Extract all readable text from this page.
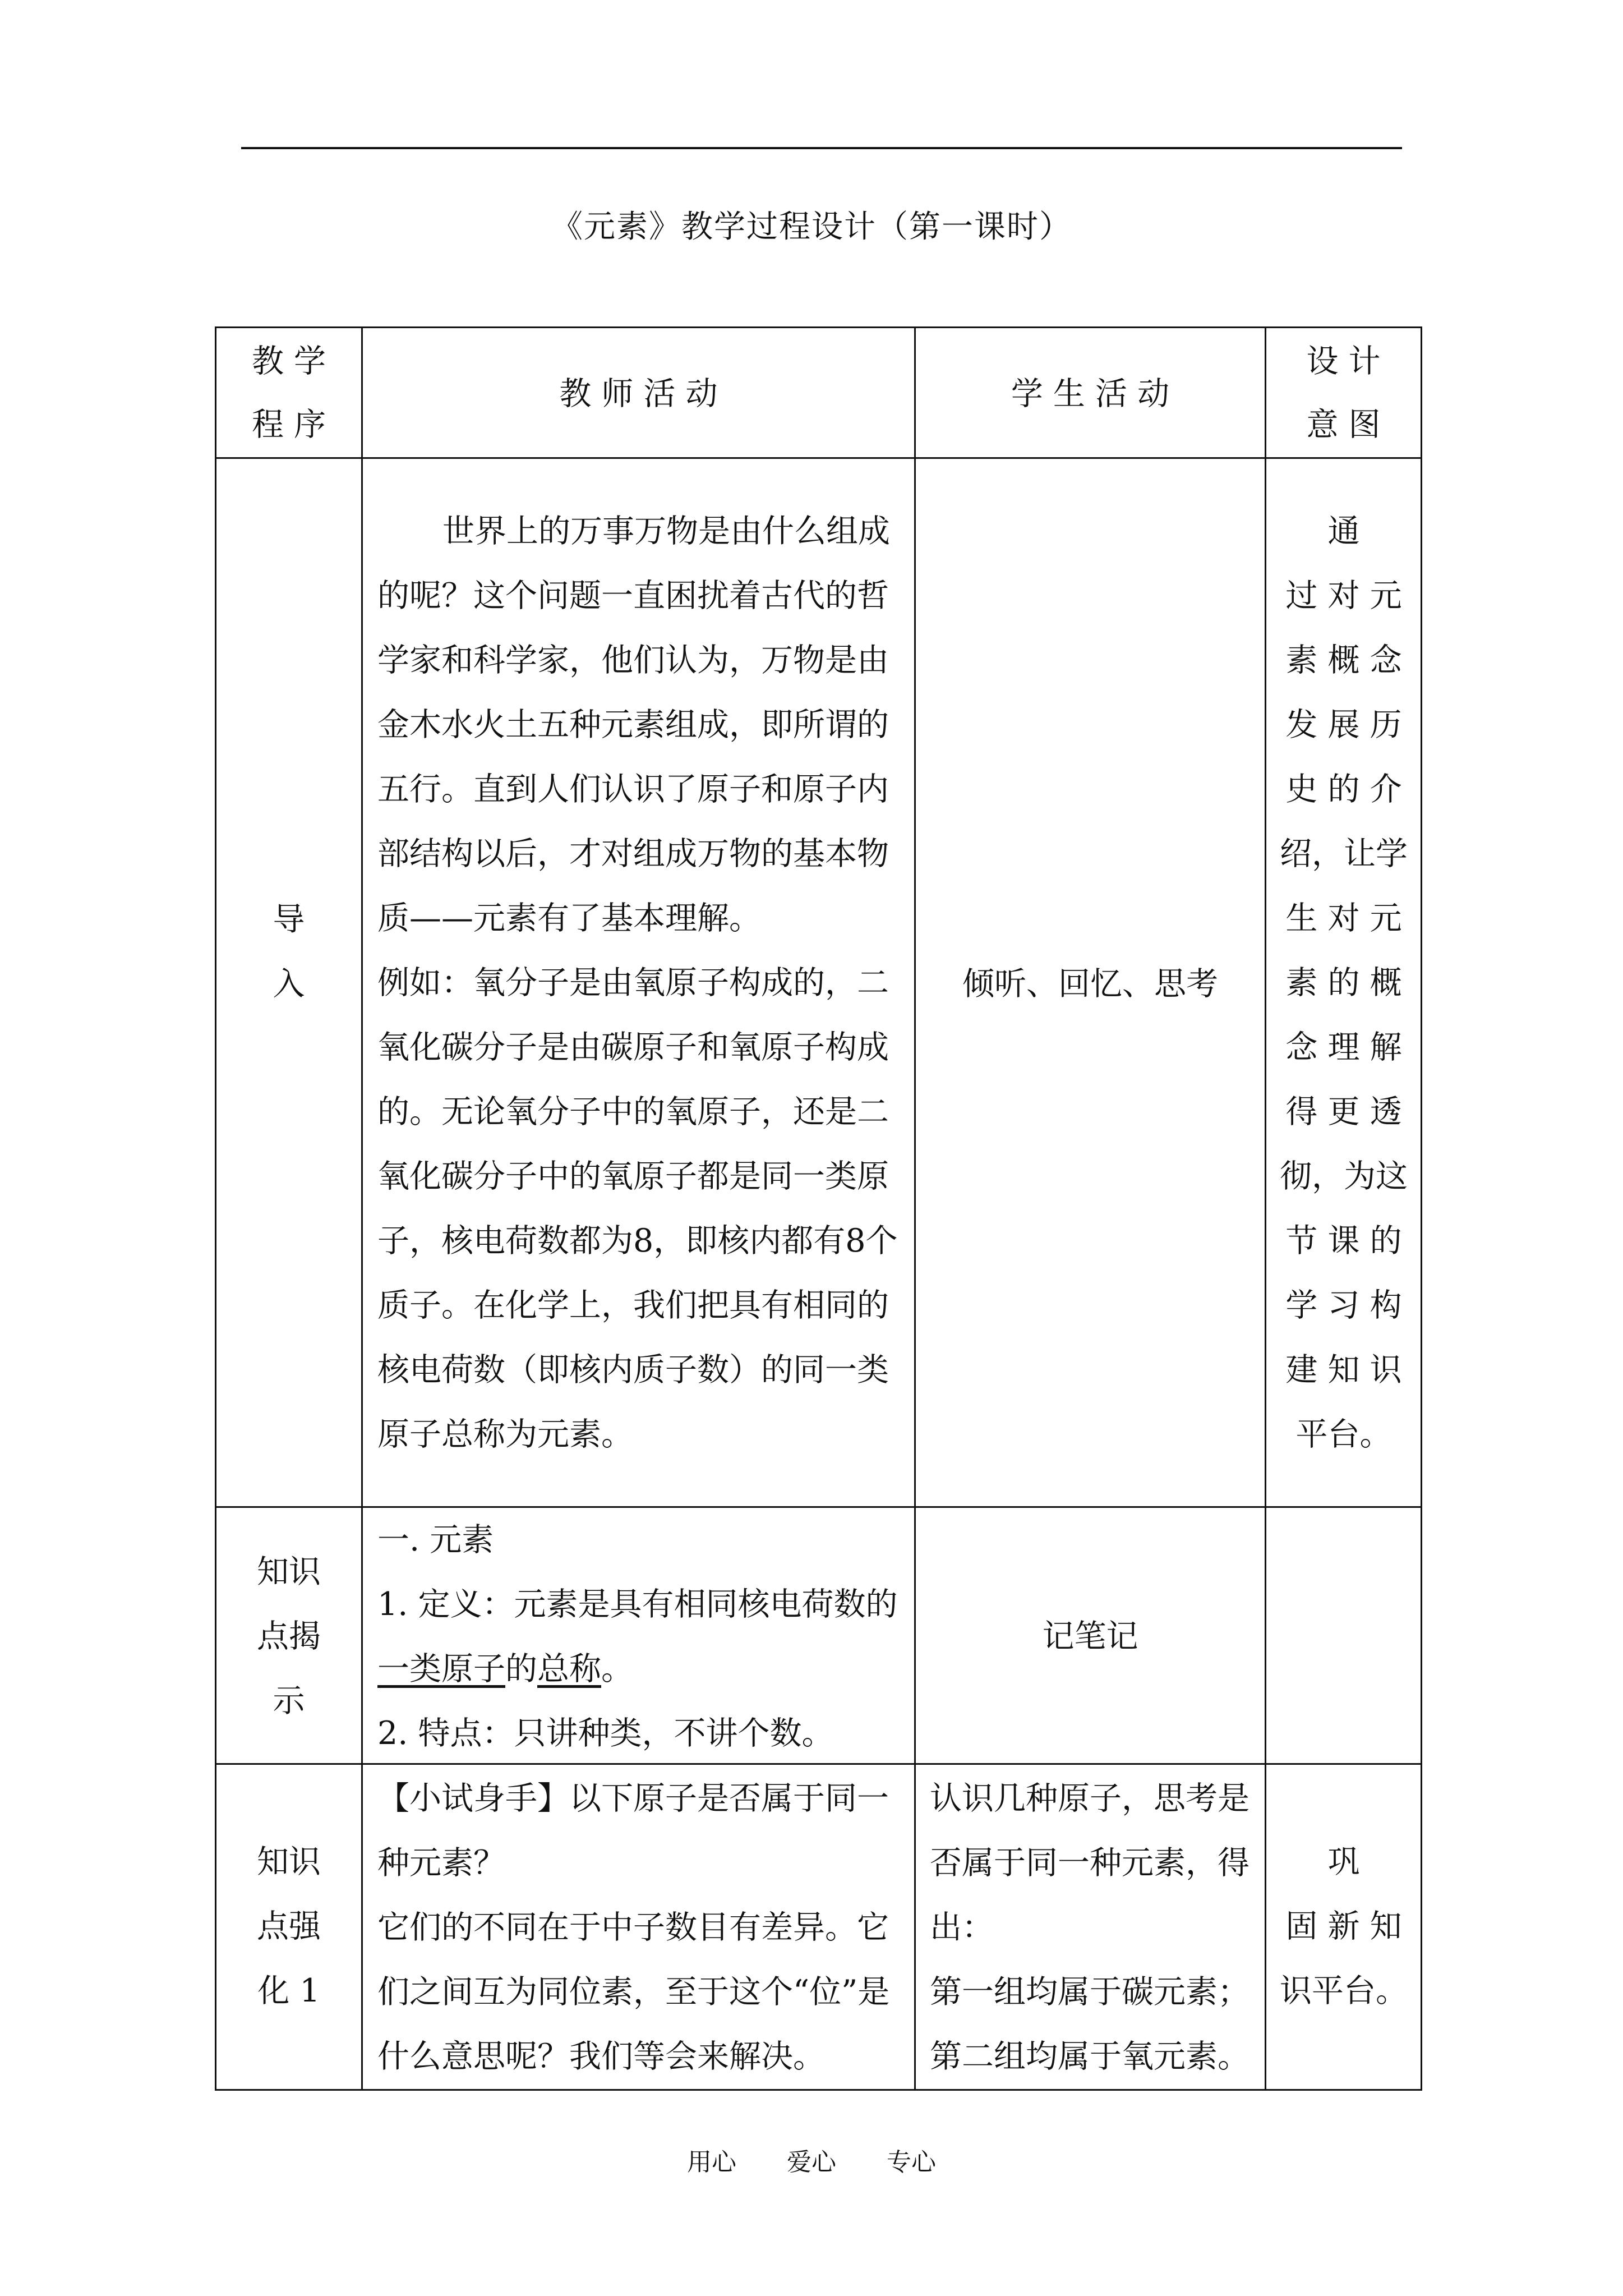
《元素》教学过程设计（第一课时）
教 学
程 序
教 师 活 动	学 生 活 动
设 计
意 图
导
入

世界上的万事万物是由什么组成的呢？这个问题一直困扰着古代的哲学家和科学家，他们认为，万物是由金木水火土五种元素组成，即所谓的五行。直到人们认识了原子和原子内部结构以后，才对组成万物的基本物质——元素有了基本理解。

例如：氧分子是由氧原子构成的，二氧化碳分子是由碳原子和氧原子构成的。无论氧分子中的氧原子，还是二氧化碳分子中的氧原子都是同一类原子，核电荷数都为8，即核内都有8个质子。在化学上，我们把具有相同的核电荷数（即核内质子数）的同一类原子总称为元素。

倾听、回忆、思考
通
过 对 元
素 概 念
发 展 历
史 的 介
绍，让学
生 对 元
素 的 概
念 理 解
得 更 透
彻，为这
节 课 的
学 习 构
建 知 识
平台。
知识
点揭
示

一. 元素

1. 定义：元素是具有相同核电荷数的一类原子的总称。

2. 特点：只讲种类，不讲个数。

记笔记
知识
点强
化 1

【小试身手】以下原子是否属于同一种元素？

它们的不同在于中子数目有差异。它们之间互为同位素，至于这个“位”是什么意思呢？我们等会来解决。

认识几种原子，思考是否属于同一种元素，得出：

第一组均属于碳元素；

第二组均属于氧元素。

巩
固 新 知
识平台。
用心 爱心 专心
